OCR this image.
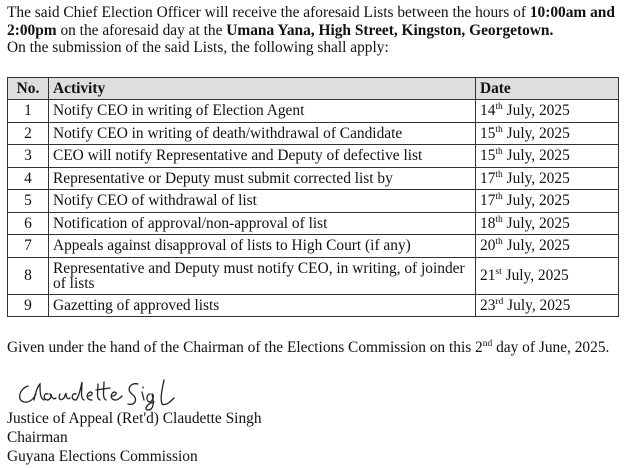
The said Chief Election Officer will receive the aforesaid Lists between the hours of 10:00am and

2:00pm on the aforesaid day at the Umana Yana, High Street, Kingston, Georgetown.

On the submission of the said Lists, the following shall apply:

No.	Activity	Date
1	Notify CEO in writing of Election Agent	14th July, 2025
2	Notify CEO in writing of death/withdrawal of Candidate	15th July, 2025
3	CEO will notify Representative and Deputy of defective list	15th July, 2025
4	Representative or Deputy must submit corrected list by	17th July, 2025
5	Notify CEO of withdrawal of list	17th July, 2025
6	Notification of approval/non-approval of list	18th July, 2025
7	Appeals against disapproval of lists to High Court (if any)	20th July, 2025
8	Representative and Deputy must notify CEO, in writing, of joinder of lists	21st July, 2025
9	Gazetting of approved lists	23rd July, 2025

Given under the hand of the Chairman of the Elections Commission on this 2nd day of June, 2025.

Justice of Appeal (Ret'd) Claudette Singh
Chairman
Guyana Elections Commission
